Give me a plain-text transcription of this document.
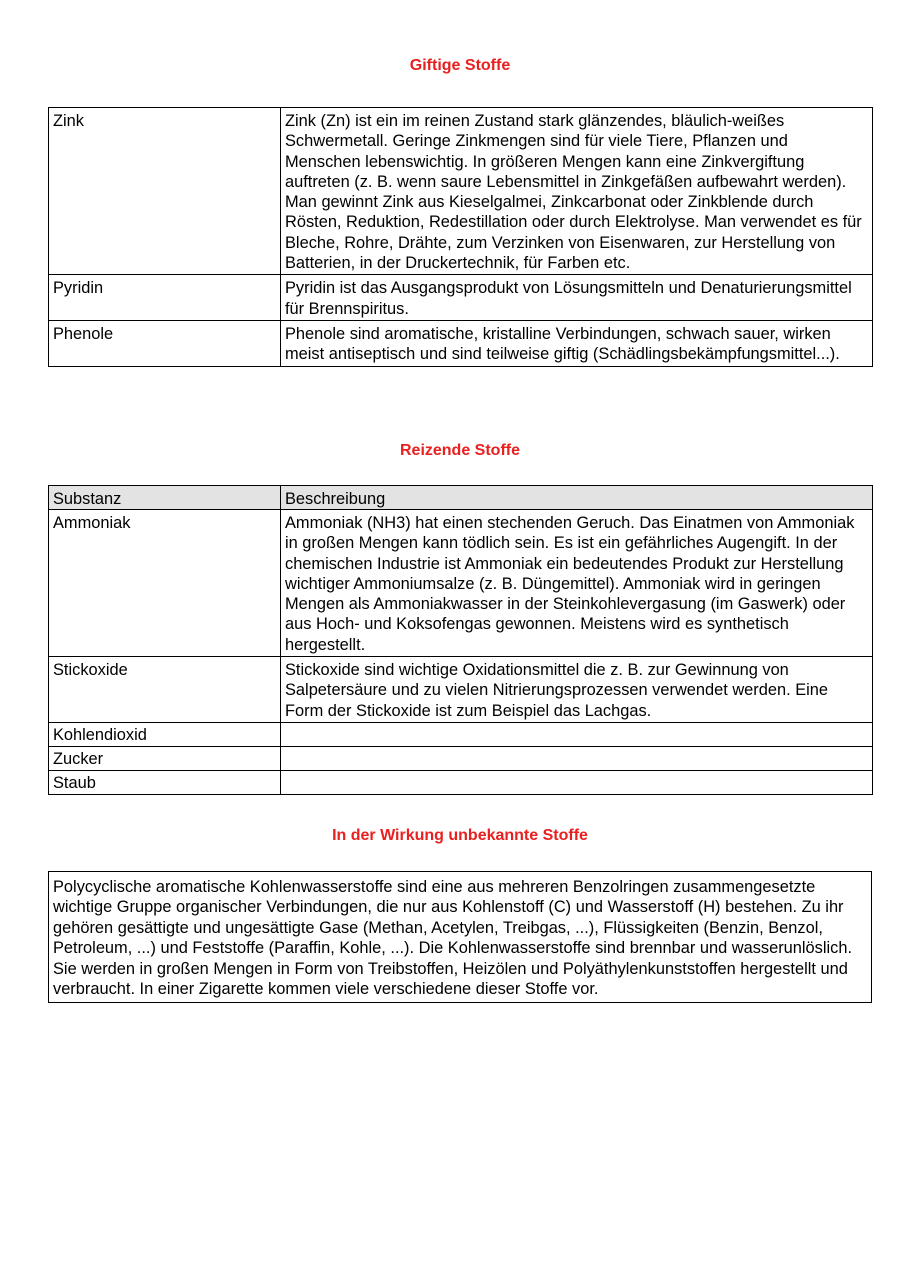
Giftige Stoffe
Zink	Zink (Zn) ist ein im reinen Zustand stark glänzendes, bläulich-weißes Schwermetall. Geringe Zinkmengen sind für viele Tiere, Pflanzen und Menschen lebenswichtig. In größeren Mengen kann eine Zinkvergiftung auftreten (z. B. wenn saure Lebensmittel in Zinkgefäßen aufbewahrt werden). Man gewinnt Zink aus Kieselgalmei, Zinkcarbonat oder Zinkblende durch Rösten, Reduktion, Redestillation oder durch Elektrolyse. Man verwendet es für Bleche, Rohre, Drähte, zum Verzinken von Eisenwaren, zur Herstellung von Batterien, in der Druckertechnik, für Farben etc.
Pyridin	Pyridin ist das Ausgangsprodukt von Lösungsmitteln und Denaturierungsmittel für Brennspiritus.
Phenole	Phenole sind aromatische, kristalline Verbindungen, schwach sauer, wirken meist antiseptisch und sind teilweise giftig (Schädlingsbekämpfungsmittel...).
Reizende Stoffe
Substanz	Beschreibung
Ammoniak	Ammoniak (NH3) hat einen stechenden Geruch. Das Einatmen von Ammoniak in großen Mengen kann tödlich sein. Es ist ein gefährliches Augengift. In der chemischen Industrie ist Ammoniak ein bedeutendes Produkt zur Herstellung wichtiger Ammoniumsalze (z. B. Düngemittel). Ammoniak wird in geringen Mengen als Ammoniakwasser in der Steinkohlevergasung (im Gaswerk) oder aus Hoch- und Koksofengas gewonnen. Meistens wird es synthetisch hergestellt.
Stickoxide	Stickoxide sind wichtige Oxidationsmittel die z. B. zur Gewinnung von Salpetersäure und zu vielen Nitrierungsprozessen verwendet werden. Eine Form der Stickoxide ist zum Beispiel das Lachgas.
Kohlendioxid	
Zucker	
Staub	
In der Wirkung unbekannte Stoffe
Polycyclische aromatische Kohlenwasserstoffe sind eine aus mehreren Benzolringen zusammengesetzte wichtige Gruppe organischer Verbindungen, die nur aus Kohlenstoff (C) und Wasserstoff (H) bestehen. Zu ihr gehören gesättigte und ungesättigte Gase (Methan, Acetylen, Treibgas, ...), Flüssigkeiten (Benzin, Benzol, Petroleum, ...) und Feststoffe (Paraffin, Kohle, ...). Die Kohlenwasserstoffe sind brennbar und wasserunlöslich. Sie werden in großen Mengen in Form von Treibstoffen, Heizölen und Polyäthylenkunststoffen hergestellt und verbraucht. In einer Zigarette kommen viele verschiedene dieser Stoffe vor.
